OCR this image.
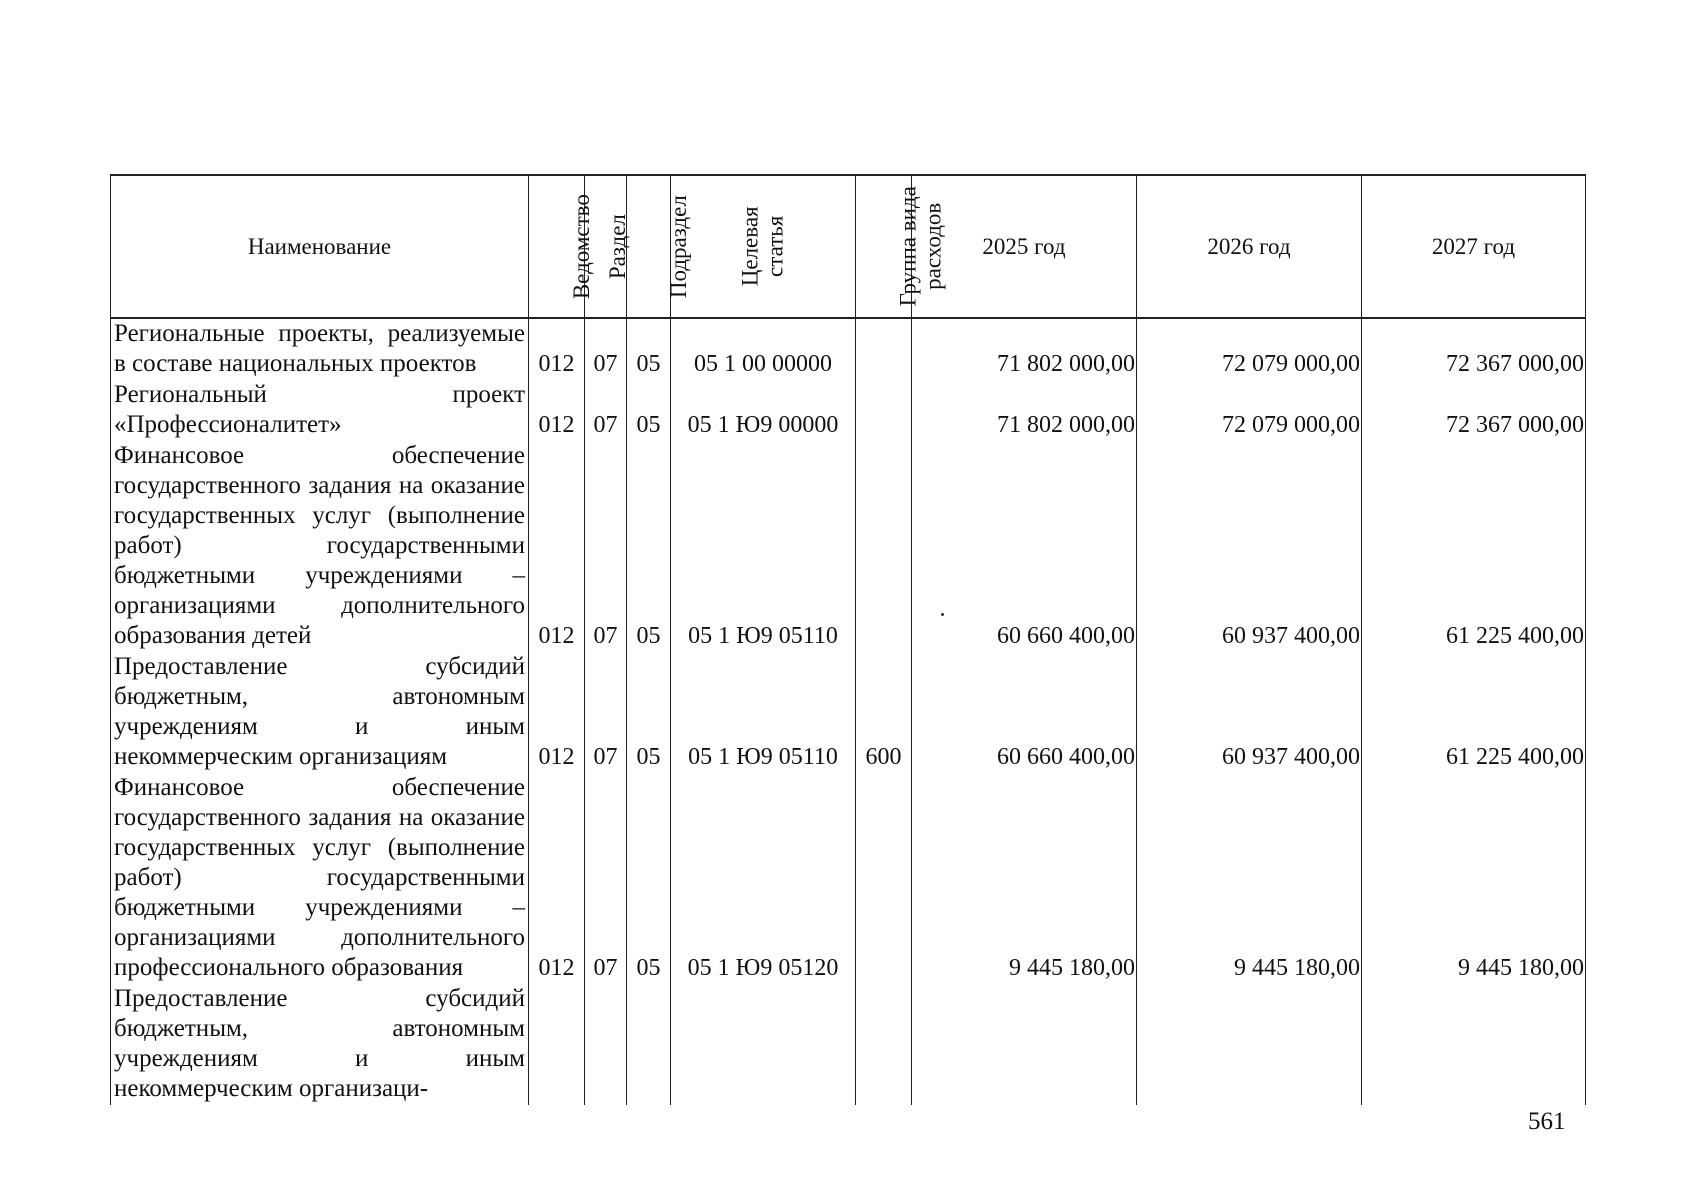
Наименование	Ведомство	Раздел	Подраздел	Целевая статья	Группа вида расходов	2025 год	2026 год	2027 год
Региональные проекты, реализуемые в составе национальных проектов	012	07	05	05 1 00 00000		71 802 000,00	72 079 000,00	72 367 000,00
Региональный проект «Профессионалитет»	012	07	05	05 1 Ю9 00000		71 802 000,00	72 079 000,00	72 367 000,00
Финансовое обеспечение государственного задания на оказание государственных услуг (выполнение работ) государственными бюджетными учреждениями – организациями дополнительного образования детей	012	07	05	05 1 Ю9 05110		60 660 400,00	60 937 400,00	61 225 400,00
Предоставление субсидий бюджетным, автономным учреждениям и иным некоммерческим организациям	012	07	05	05 1 Ю9 05110	600	60 660 400,00	60 937 400,00	61 225 400,00
Финансовое обеспечение государственного задания на оказание государственных услуг (выполнение работ) государственными бюджетными учреждениями – организациями дополнительного профессионального образования	012	07	05	05 1 Ю9 05120		9 445 180,00	9 445 180,00	9 445 180,00
Предоставление субсидий бюджетным, автономным учреждениям и иным некоммерческим организаци-								
561
